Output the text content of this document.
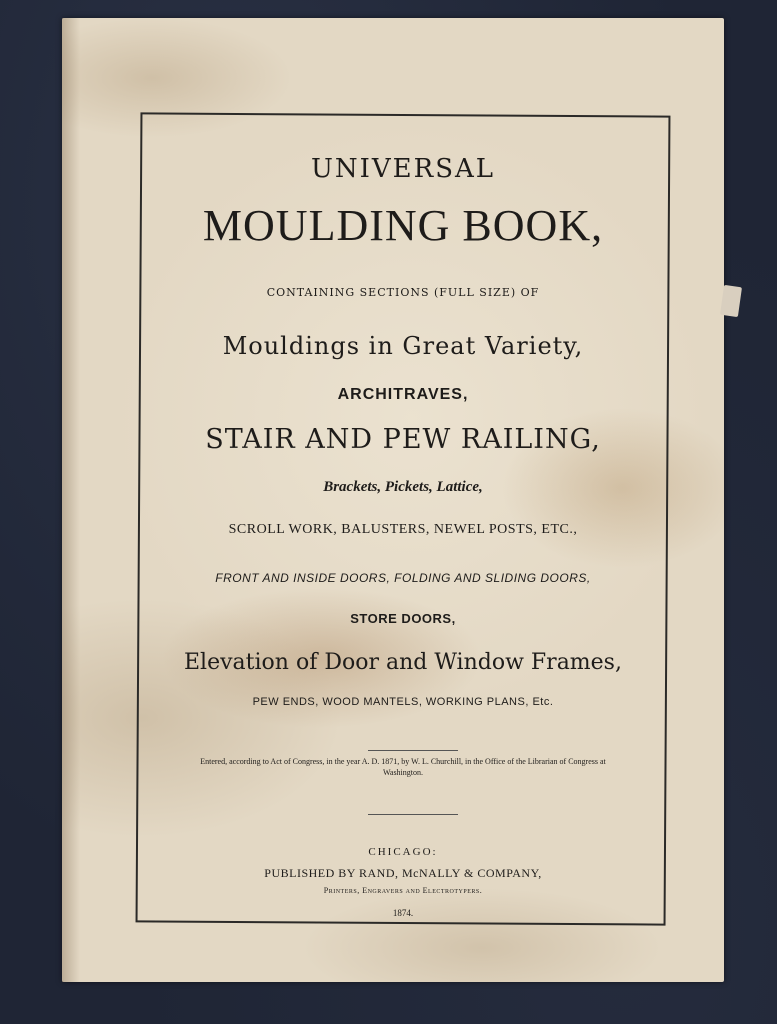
UNIVERSAL
MOULDING BOOK,
CONTAINING SECTIONS (FULL SIZE) OF
Mouldings in Great Variety,
ARCHITRAVES,
STAIR AND PEW RAILING,
Brackets, Pickets, Lattice,
SCROLL WORK, BALUSTERS, NEWEL POSTS, ETC.,
FRONT AND INSIDE DOORS, FOLDING AND SLIDING DOORS,
STORE DOORS,
Elevation of Door and Window Frames,
PEW ENDS, WOOD MANTELS, WORKING PLANS, Etc.
Entered, according to Act of Congress, in the year A. D. 1871, by W. L. Churchill, in the Office of the Librarian of Congress at Washington.
CHICAGO:
PUBLISHED BY RAND, McNALLY & COMPANY,
Printers, Engravers and Electrotypers.
1874.
